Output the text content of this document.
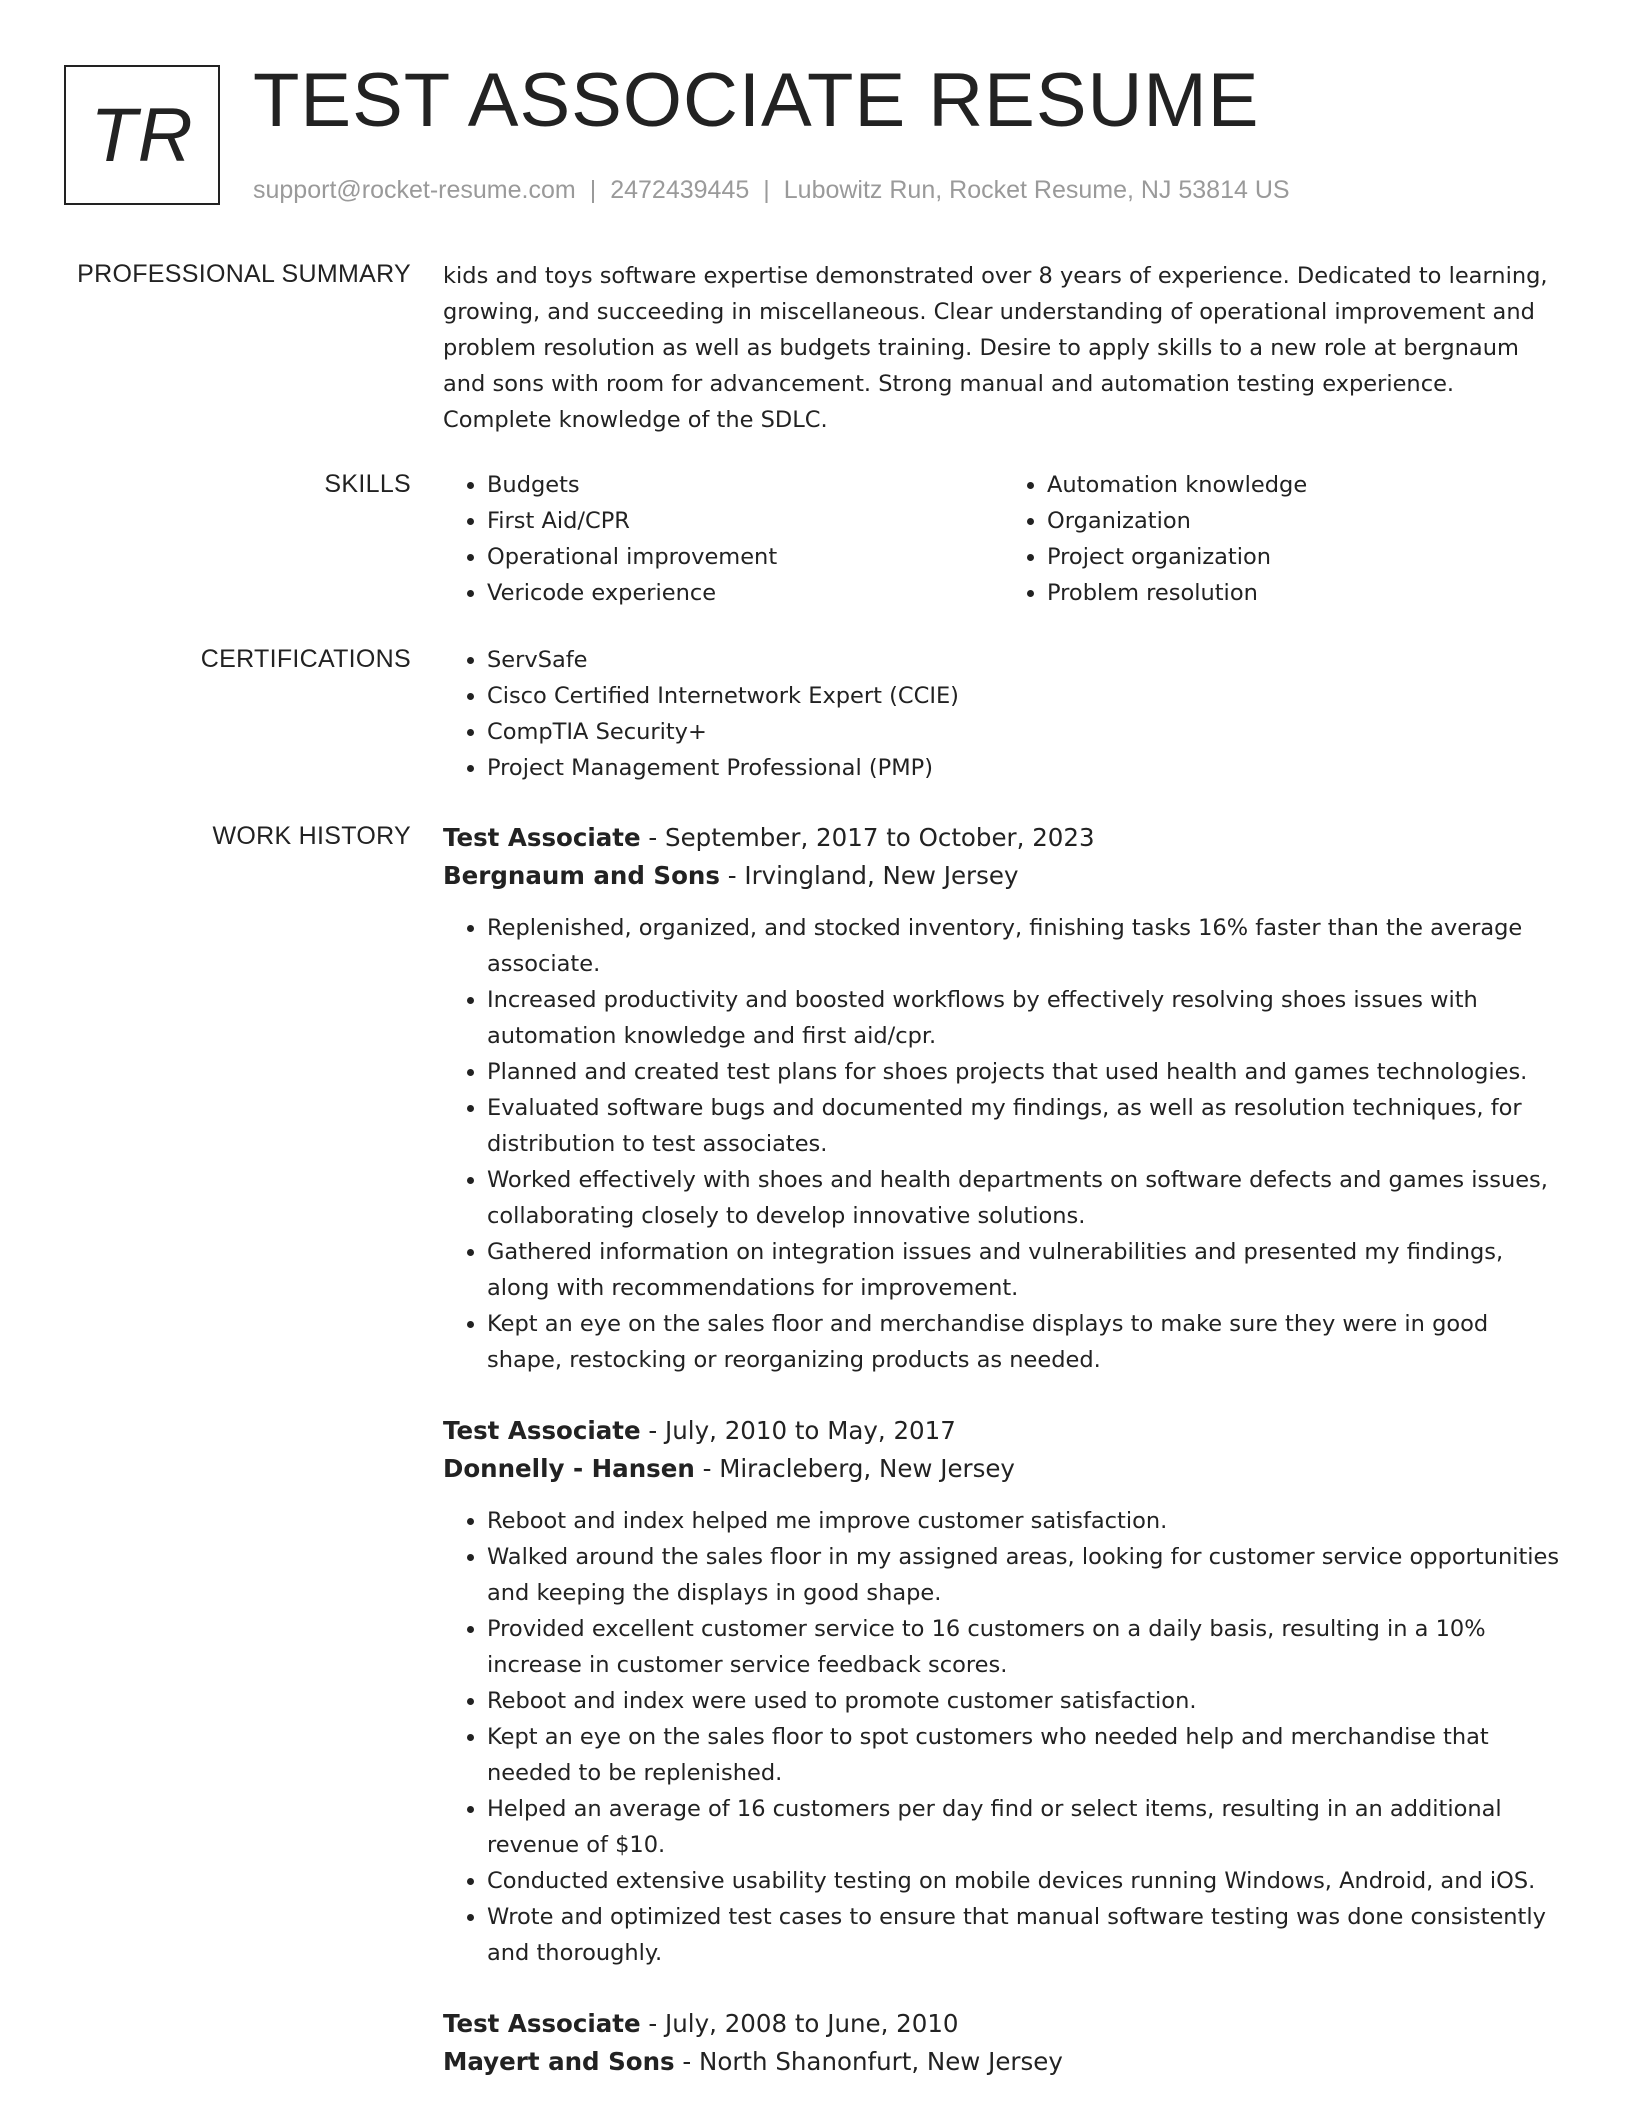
TR TEST ASSOCIATE RESUME
support@rocket-resume.com | 2472439445 | Lubowitz Run, Rocket Resume, NJ 53814 US
PROFESSIONAL SUMMARY kids and toys software expertise demonstrated over 8 years of experience. Dedicated to learning, growing, and succeeding in miscellaneous. Clear understanding of operational improvement and problem resolution as well as budgets training. Desire to apply skills to a new role at bergnaum and sons with room for advancement. Strong manual and automation testing experience. Complete knowledge of the SDLC.

SKILLS	• Budgets
• First Aid/CPR
• Operational improvement
• Vericode experience
• Automation knowledge
• Organization
• Project organization
• Problem resolution
CERTIFICATIONS	• ServSafe
• Cisco Certified Internetwork Expert (CCIE)
• CompTIA Security+
• Project Management Professional (PMP)
WORK HISTORY Test Associate - September, 2017 to October, 2023
Bergnaum and Sons - Irvingland, New Jersey
• Replenished, organized, and stocked inventory, finishing tasks 16% faster than the average associate.
• Increased productivity and boosted workflows by effectively resolving shoes issues with automation knowledge and first aid/cpr.
• Planned and created test plans for shoes projects that used health and games technologies.
• Evaluated software bugs and documented my findings, as well as resolution techniques, for distribution to test associates.
• Worked effectively with shoes and health departments on software defects and games issues, collaborating closely to develop innovative solutions.
• Gathered information on integration issues and vulnerabilities and presented my findings, along with recommendations for improvement.
• Kept an eye on the sales floor and merchandise displays to make sure they were in good shape, restocking or reorganizing products as needed.
Test Associate - July, 2010 to May, 2017
Donnelly - Hansen - Miracleberg, New Jersey
• Reboot and index helped me improve customer satisfaction.
• Walked around the sales floor in my assigned areas, looking for customer service opportunities and keeping the displays in good shape.
• Provided excellent customer service to 16 customers on a daily basis, resulting in a 10% increase in customer service feedback scores.
• Reboot and index were used to promote customer satisfaction.
• Kept an eye on the sales floor to spot customers who needed help and merchandise that needed to be replenished.
• Helped an average of 16 customers per day find or select items, resulting in an additional revenue of $10.
• Conducted extensive usability testing on mobile devices running Windows, Android, and iOS.
• Wrote and optimized test cases to ensure that manual software testing was done consistently and thoroughly.
Test Associate - July, 2008 to June, 2010
Mayert and Sons - North Shanonfurt, New Jersey
